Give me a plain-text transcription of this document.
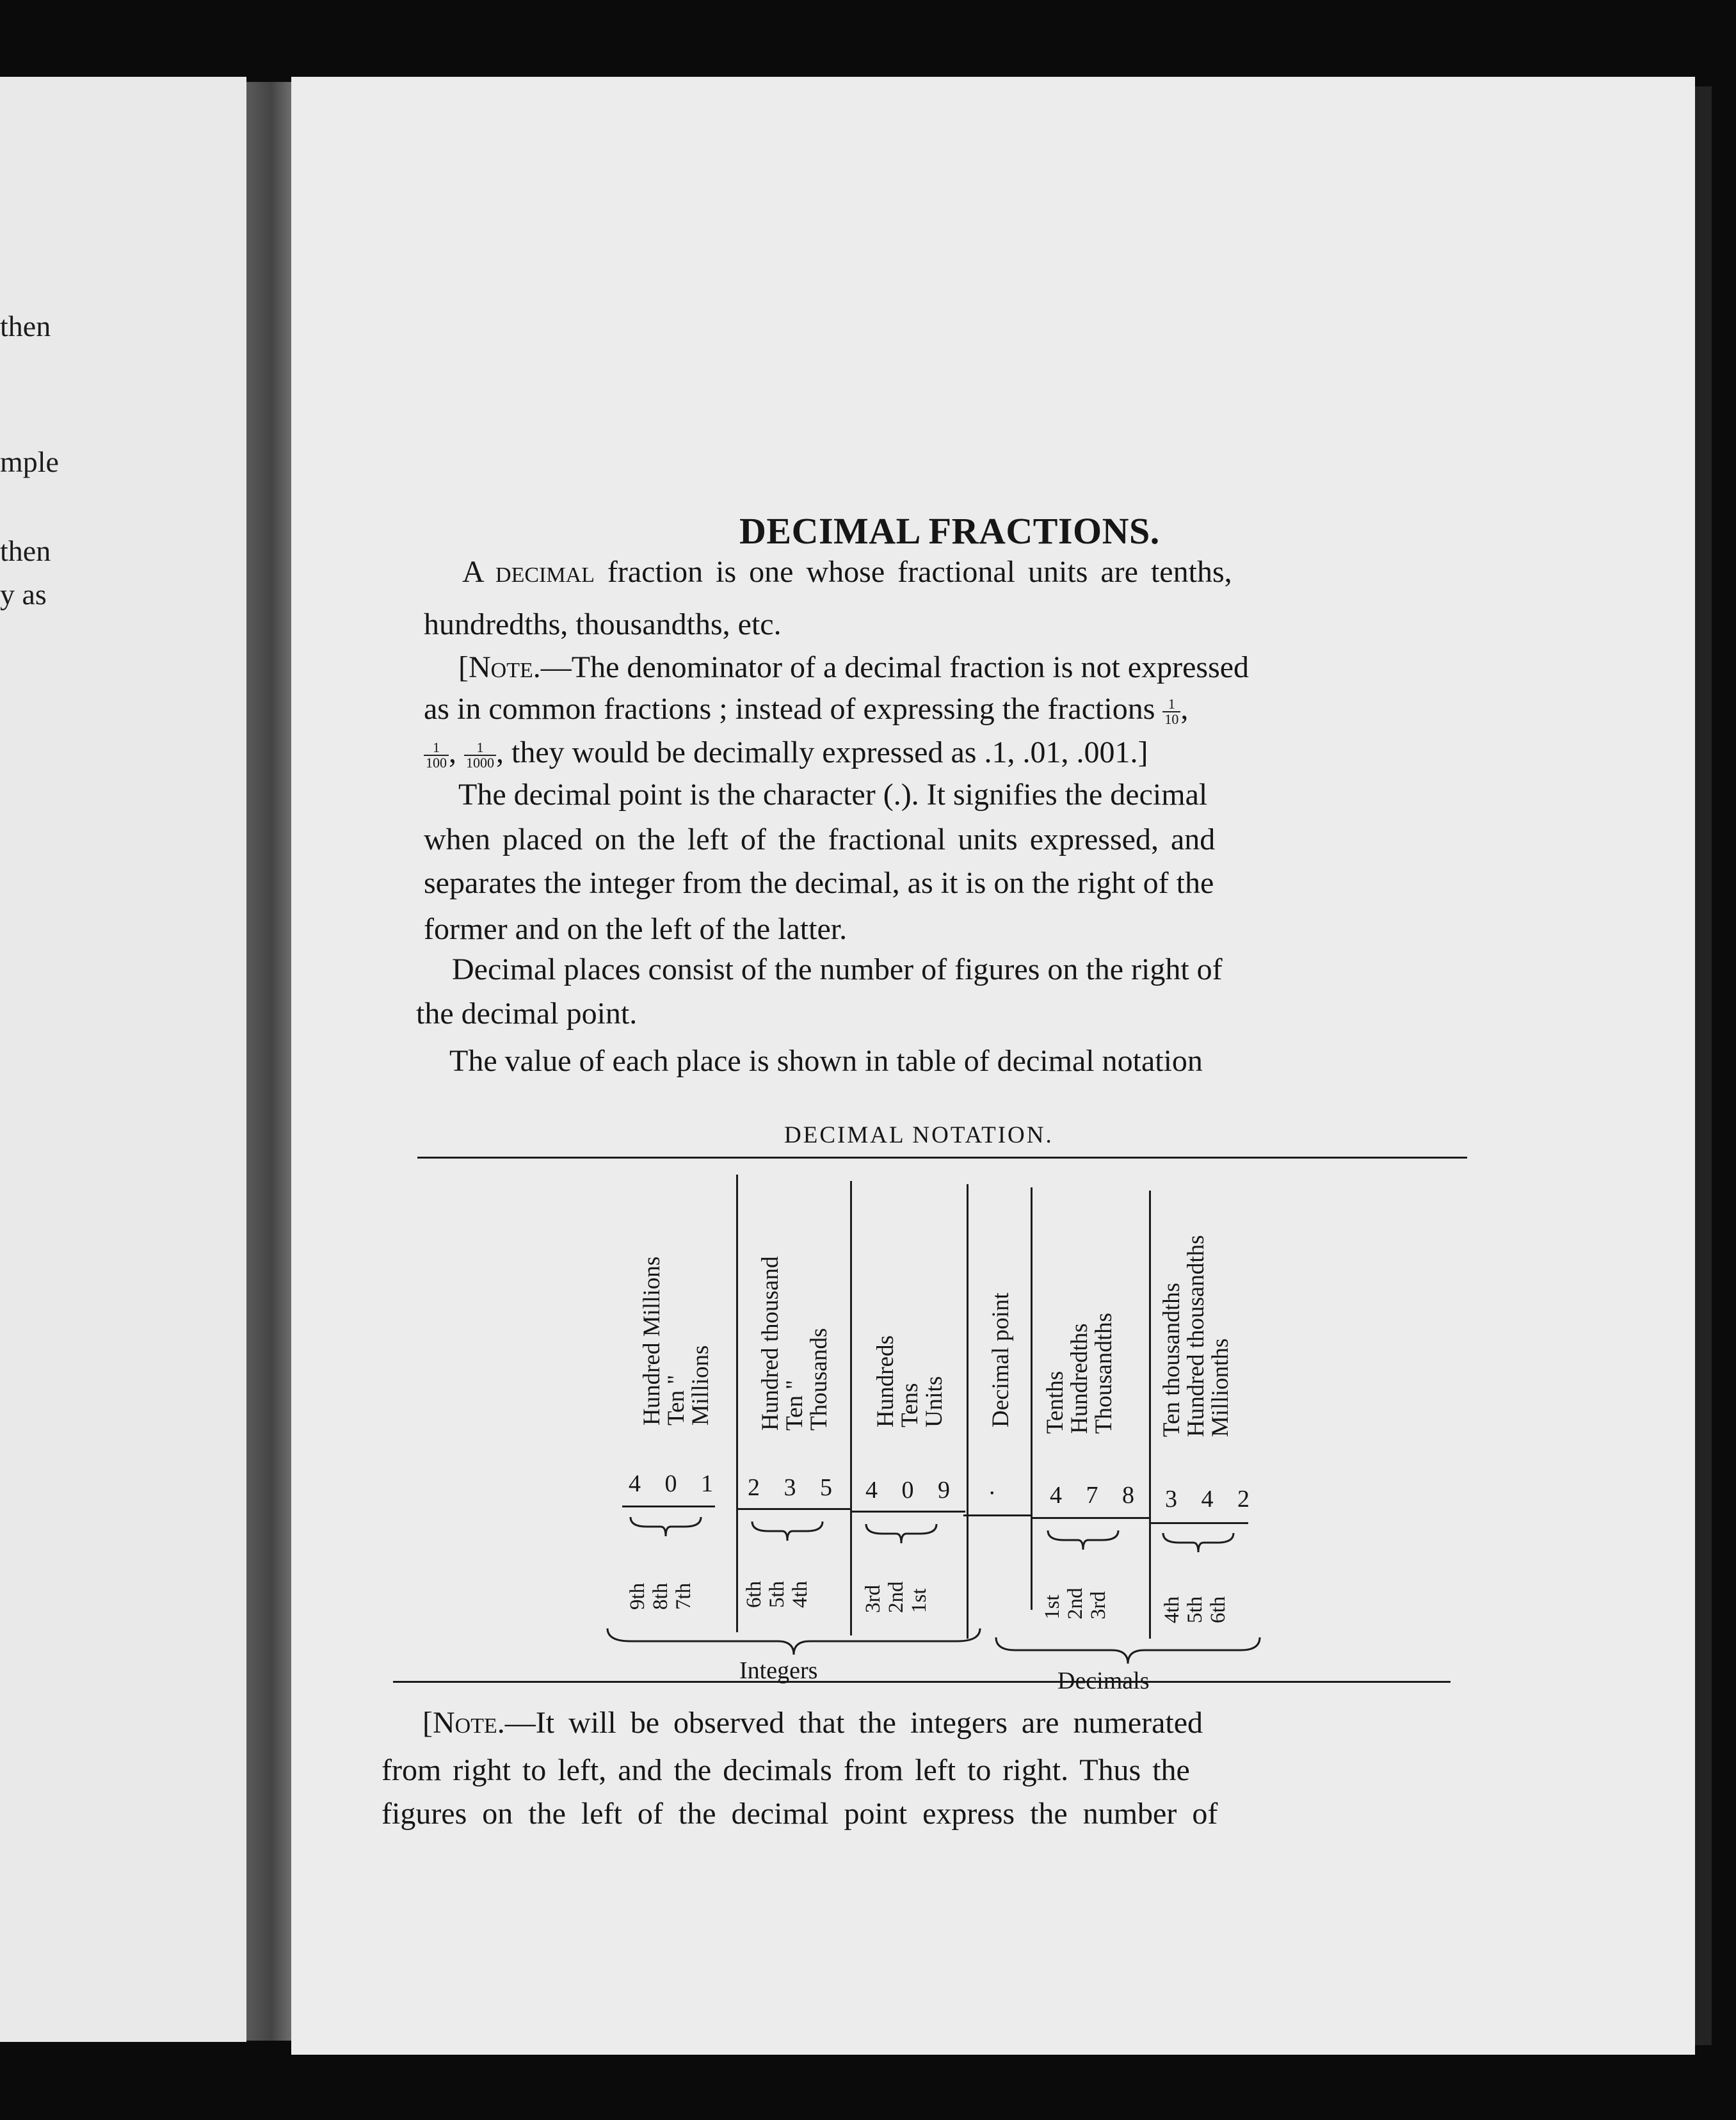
then
mple
then
y as
DECIMAL FRACTIONS.
A decimal fraction is one whose fractional units are tenths,
hundredths, thousandths, etc.
[Note.—The denominator of a decimal fraction is not expressed
as in common fractions ; instead of expressing the fractions $\frac{1}{10}$ ,
$\frac{1}{100}$ , $\frac{1}{1000}$ , they would be decimally expressed as .1, .01, .001.]
The decimal point is the character (.). It signifies the decimal
when placed on the left of the fractional units expressed, and
separates the integer from the decimal, as it is on the right of the
former and on the left of the latter.
Decimal places consist of the number of figures on the right of
the decimal point.
The value of each place is shown in table of decimal notation
DECIMAL NOTATION.
Hundred Millions
Ten "
Millions Hundred thousand
Ten "
Thousands Hundreds
Tens
Units Decimal point Tenths
Hundredths
Thousandths Ten thousandths
Hundred thousandths
Millionths
4 0 1 2 3 5 4 0 9 . 4 7 8 3 4 2
9th 8th 7th 6th 5th 4th 3rd 2nd 1st	1st 2nd 3rd 4th 5th 6th
Integers	Decimals
[Note.—It will be observed that the integers are numerated
from right to left, and the decimals from left to right. Thus the
figures on the left of the decimal point express the number of
